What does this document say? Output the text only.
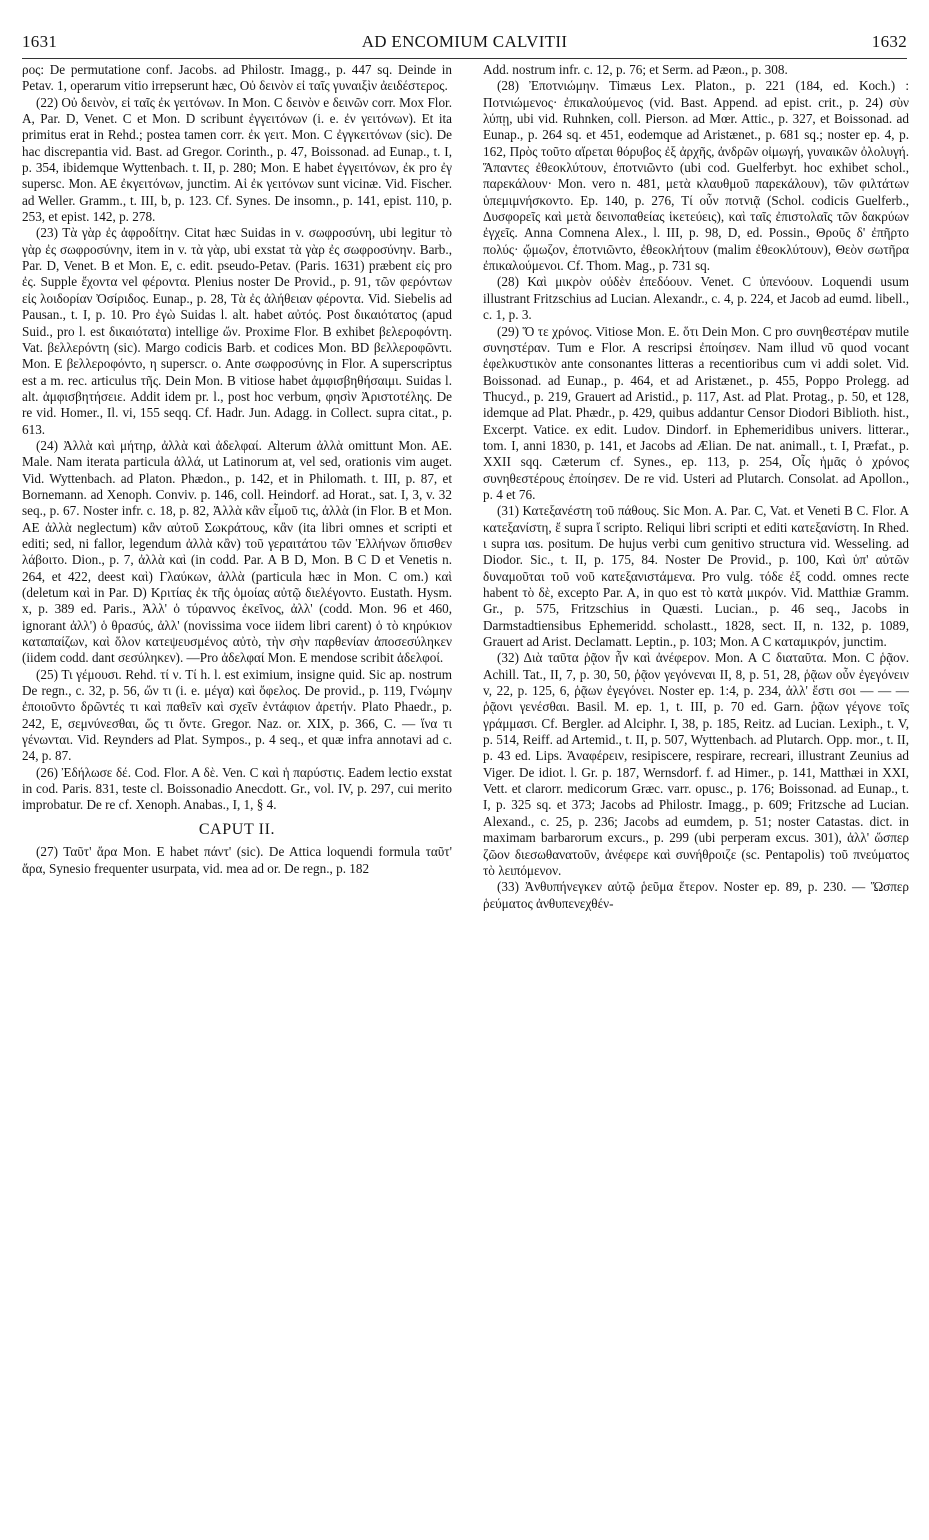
1631	AD ENCOMIUM CALVITII	1632

ρος: De permutatione conf. Jacobs. ad Philostr. Imagg., p. 447 sq. Deinde in Petav. 1, operarum vitio irrepserunt hæc, Οὐ δεινὸν εἰ ταῖς γυναιξὶν ἀειδέστερος.

(22) Οὐ δεινὸν, εἰ ταῖς ἐκ γειτόνων. In Mon. C δεινὸν e δεινῶν corr. Mox Flor. A, Par. D, Venet. C et Mon. D scribunt ἐγγειτόνων (i. e. ἐν γειτόνων). Et ita primitus erat in Rehd.; postea tamen corr. ἐκ γειτ. Mon. C ἐγγκειτόνων (sic). De hac discrepantia vid. Bast. ad Gregor. Corinth., p. 47, Boissonad. ad Eunap., t. I, p. 354, ibidemque Wyttenbach. t. II, p. 280; Mon. E habet ἐγγειτόνων, ἐκ pro ἐγ supersc. Mon. AE ἐκγειτόνων, junctim. Αἱ ἐκ γειτόνων sunt vicinæ. Vid. Fischer. ad Weller. Gramm., t. III, b, p. 123. Cf. Synes. De insomn., p. 141, epist. 110, p. 253, et epist. 142, p. 278.

(23) Τὰ γὰρ ἐς ἀφροδίτην. Citat hæc Suidas in v. σωφροσύνη, ubi legitur τὸ γὰρ ἐς σωφροσύνην, item in v. τὰ γὰρ, ubi exstat τὰ γὰρ ἐς σωφροσύνην. Barb., Par. D, Venet. B et Mon. E, c. edit. pseudo-Petav. (Paris. 1631) præbent εἰς pro ἐς. Supple ἔχοντα vel φέροντα. Plenius noster De Provid., p. 91, τῶν φερόντων εἰς λοιδορίαν Ὀσίριδος. Eunap., p. 28, Τὰ ἐς ἀλήθειαν φέροντα. Vid. Siebelis ad Pausan., t. I, p. 10. Pro ἐγὼ Suidas l. alt. habet αὐτός. Post δικαιότατος (apud Suid., pro l. est δικαιότατα) intellige ὤν. Proxime Flor. B exhibet βελεροφόντη. Vat. βελλερόντη (sic). Margo codicis Barb. et codices Mon. BD βελλεροφῶντι. Mon. E βελλεροφόντο, η superscr. o. Ante σωφροσύνης in Flor. A superscriptus est a m. rec. articulus τῆς. Dein Mon. B vitiose habet ἀμφισβηθήσαιμι. Suidas l. alt. ἀμφισβητήσειε. Addit idem pr. l., post hoc verbum, φησὶν Ἀριστοτέλης. De re vid. Homer., Il. vi, 155 seqq. Cf. Hadr. Jun. Adagg. in Collect. supra citat., p. 613.

(24) Ἀλλὰ καὶ μήτηρ, ἀλλὰ καὶ ἀδελφαί. Alterum ἀλλὰ omittunt Mon. AE. Male. Nam iterata particula ἀλλά, ut Latinorum at, vel sed, orationis vim auget. Vid. Wyttenbach. ad Platon. Phædon., p. 142, et in Philomath. t. III, p. 87, et Bornemann. ad Xenoph. Conviv. p. 146, coll. Heindorf. ad Horat., sat. I, 3, v. 32 seq., p. 67. Noster infr. c. 18, p. 82, Ἀλλὰ κἂν εἷμοῦ τις, ἀλλὰ (in Flor. B et Mon. AE ἀλλὰ neglectum) κἂν αὐτοῦ Σωκράτους, κἂν (ita libri omnes et scripti et editi; sed, ni fallor, legendum ἀλλὰ κἂν) τοῦ γεραιτάτου τῶν Ἑλλήνων ὄπισθεν λάβοιτο. Dion., p. 7, ἀλλὰ καὶ (in codd. Par. A B D, Mon. B C D et Venetis n. 264, et 422, deest καὶ) Γλαύκων, ἀλλὰ (particula hæc in Mon. C om.) καὶ (deletum καὶ in Par. D) Κριτίας ἐκ τῆς ὁμοίας αὐτῷ διελέγοντο. Eustath. Hysm. x, p. 389 ed. Paris., Ἀλλ' ὁ τύραννος ἐκεῖνος, ἀλλ' (codd. Mon. 96 et 460, ignorant ἀλλ') ὁ θρασύς, ἀλλ' (novissima voce iidem libri carent) ὁ τὸ κηρύκιον καταπαίζων, καὶ ὅλον κατεψευσμένος αὐτὸ, τὴν σὴν παρθενίαν ἀποσεσύληκεν (iidem codd. dant σεσύληκεν). —Pro ἀδελφαί Mon. E mendose scribit ἀδελφοί.

(25) Τι γέμουσι. Rehd. τί ν. Τί h. l. est eximium, insigne quid. Sic ap. nostrum De regn., c. 32, p. 56, ὤν τι (i. e. μέγα) καὶ ὄφελος. De provid., p. 119, Γνώμην ἐποιοῦντο δρῶντές τι καὶ παθεῖν καὶ σχεῖν ἐντάφιον ἀρετήν. Plato Phaedr., p. 242, E, σεμνύνεσθαι, ὥς τι ὄντε. Gregor. Naz. or. XIX, p. 366, C. — ἵνα τι γένωνται. Vid. Reynders ad Plat. Sympos., p. 4 seq., et quæ infra annotavi ad c. 24, p. 87.

(26) Ἐδήλωσε δέ. Cod. Flor. A δὲ. Ven. C καὶ ἡ παρύστις. Eadem lectio exstat in cod. Paris. 831, teste cl. Boissonadio Anecdott. Gr., vol. IV, p. 297, cui merito improbatur. De re cf. Xenoph. Anabas., I, 1, § 4.

CAPUT II.

(27) Ταῦτ' ἄρα Mon. E habet πάντ' (sic). De Attica loquendi formula ταῦτ' ἄρα, Synesio frequenter usurpata, vid. mea ad or. De regn., p. 182

Add. nostrum infr. c. 12, p. 76; et Serm. ad Pæon., p. 308.

(28) Ἐποτνιώμην. Timæus Lex. Platon., p. 221 (184, ed. Koch.) : Ποτνιώμενος· ἐπικαλούμενος (vid. Bast. Append. ad epist. crit., p. 24) σὺν λύπῃ, ubi vid. Ruhnken, coll. Pierson. ad Mœr. Attic., p. 327, et Boissonad. ad Eunap., p. 264 sq. et 451, eodemque ad Aristænet., p. 681 sq.; noster ep. 4, p. 162, Πρὸς τοῦτο αἴρεται θόρυβος ἐξ ἀρχῆς, ἀνδρῶν οἰμωγή, γυναικῶν ὀλολυγή. Ἅπαντες ἐθεοκλύτουν, ἐποτνιῶντο (ubi cod. Guelferbyt. hoc exhibet schol., παρεκάλουν· Mon. vero n. 481, μετὰ κλαυθμοῦ παρεκάλουν), τῶν φιλτάτων ὑπεμιμνήσκοντο. Ep. 140, p. 276, Τί οὖν ποτνιᾷ (Schol. codicis Guelferb., Δυσφορεῖς καὶ μετὰ δεινοπαθείας ἱκετεύεις), καὶ ταῖς ἐπιστολαῖς τῶν δακρύων ἐγχεῖς. Anna Comnena Alex., l. III, p. 98, D, ed. Possin., Θροῦς δ' ἐπῆρτο πολύς· ᾤμωζον, ἐποτνιῶντο, ἐθεοκλήτουν (malim ἐθεοκλύτουν), Θεὸν σωτῆρα ἐπικαλούμενοι. Cf. Thom. Mag., p. 731 sq.

(28) Καὶ μικρὸν οὐδὲν ἐπεδόουν. Venet. C ὑπενόουν. Loquendi usum illustrant Fritzschius ad Lucian. Alexandr., c. 4, p. 224, et Jacob ad eumd. libell., c. 1, p. 3.

(29) Ὅ τε χρόνος. Vitiose Mon. E. ὅτι Dein Mon. C pro συνηθεστέραν mutile συνηστέραν. Tum e Flor. A rescripsi ἐποίησεν. Nam illud νῦ quod vocant ἐφελκυστικὸν ante consonantes litteras a recentioribus cum vi addi solet. Vid. Boissonad. ad Eunap., p. 464, et ad Aristænet., p. 455, Poppo Prolegg. ad Thucyd., p. 219, Grauert ad Aristid., p. 117, Ast. ad Plat. Protag., p. 50, et 128, idemque ad Plat. Phædr., p. 429, quibus addantur Censor Diodori Biblioth. hist., Excerpt. Vatice. ex edit. Ludov. Dindorf. in Ephemeridibus univers. litterar., tom. I, anni 1830, p. 141, et Jacobs ad Ælian. De nat. animall., t. I, Præfat., p. XXII sqq. Cæterum cf. Synes., ep. 113, p. 254, Οἷς ἡμᾶς ὁ χρόνος συνηθεστέρους ἐποίησεν. De re vid. Usteri ad Plutarch. Consolat. ad Apollon., p. 4 et 76.

(31) Κατεξανέστη τοῦ πάθους. Sic Mon. A. Par. C, Vat. et Veneti B C. Flor. A κατεξανίστη, ἔ supra ἴ scripto. Reliqui libri scripti et editi κατεξανίστη. In Rhed. ι supra ιαs. positum. De hujus verbi cum genitivo structura vid. Wesseling. ad Diodor. Sic., t. II, p. 175, 84. Noster De Provid., p. 100, Καὶ ὑπ' αὐτῶν δυναμοῦται τοῦ νοῦ κατεξανιστάμενα. Pro vulg. τόδε ἐξ codd. omnes recte habent τὸ δὲ, excepto Par. A, in quo est τὸ κατὰ μικρόν. Vid. Matthiæ Gramm. Gr., p. 575, Fritzschius in Quæsti. Lucian., p. 46 seq., Jacobs in Darmstadtiensibus Ephemeridd. scholastt., 1828, sect. II, n. 132, p. 1089, Grauert ad Arist. Declamatt. Leptin., p. 103; Mon. A C καταμικρόν, junctim.

(32) Διὰ ταῦτα ῥᾷον ἦν καὶ ἀνέφερον. Mon. A C διαταῦτα. Mon. C ῥᾷον. Achill. Tat., II, 7, p. 30, 50, ῥᾷον γεγόνεναι II, 8, p. 51, 28, ῥᾷων οὖν ἐγεγόνειν v, 22, p. 125, 6, ῥᾷων ἐγεγόνει. Noster ep. 1:4, p. 234, ἀλλ' ἔστι σοι — — — ῥᾷονι γενέσθαι. Basil. M. ep. 1, t. III, p. 70 ed. Garn. ῥᾷων γέγονε τοῖς γράμμασι. Cf. Bergler. ad Alciphr. I, 38, p. 185, Reitz. ad Lucian. Lexiph., t. V, p. 514, Reiff. ad Artemid., t. II, p. 507, Wyttenbach. ad Plutarch. Opp. mor., t. II, p. 43 ed. Lips. Ἀναφέρειν, resipiscere, respirare, recreari, illustrant Zeunius ad Viger. De idiot. l. Gr. p. 187, Wernsdorf. f. ad Himer., p. 141, Matthæi in XXI, Vett. et clarorr. medicorum Græc. varr. opusc., p. 176; Boissonad. ad Eunap., t. I, p. 325 sq. et 373; Jacobs ad Philostr. Imagg., p. 609; Fritzsche ad Lucian. Alexand., c. 25, p. 236; Jacobs ad eumdem, p. 51; noster Catastas. dict. in maximam barbarorum excurs., p. 299 (ubi perperam excus. 301), ἀλλ' ὥσπερ ζῶον διεσωθανατοῦν, ἀνέφερε καὶ συνήθροιζε (sc. Pentapolis) τοῦ πνεύματος τὸ λειπόμενον.

(33) Ἀνθυπήνεγκεν αὐτῷ ῥεῦμα ἕτερον. Noster ep. 89, p. 230. — Ὥσπερ ῥεύματος ἀνθυπενεχθέν-
